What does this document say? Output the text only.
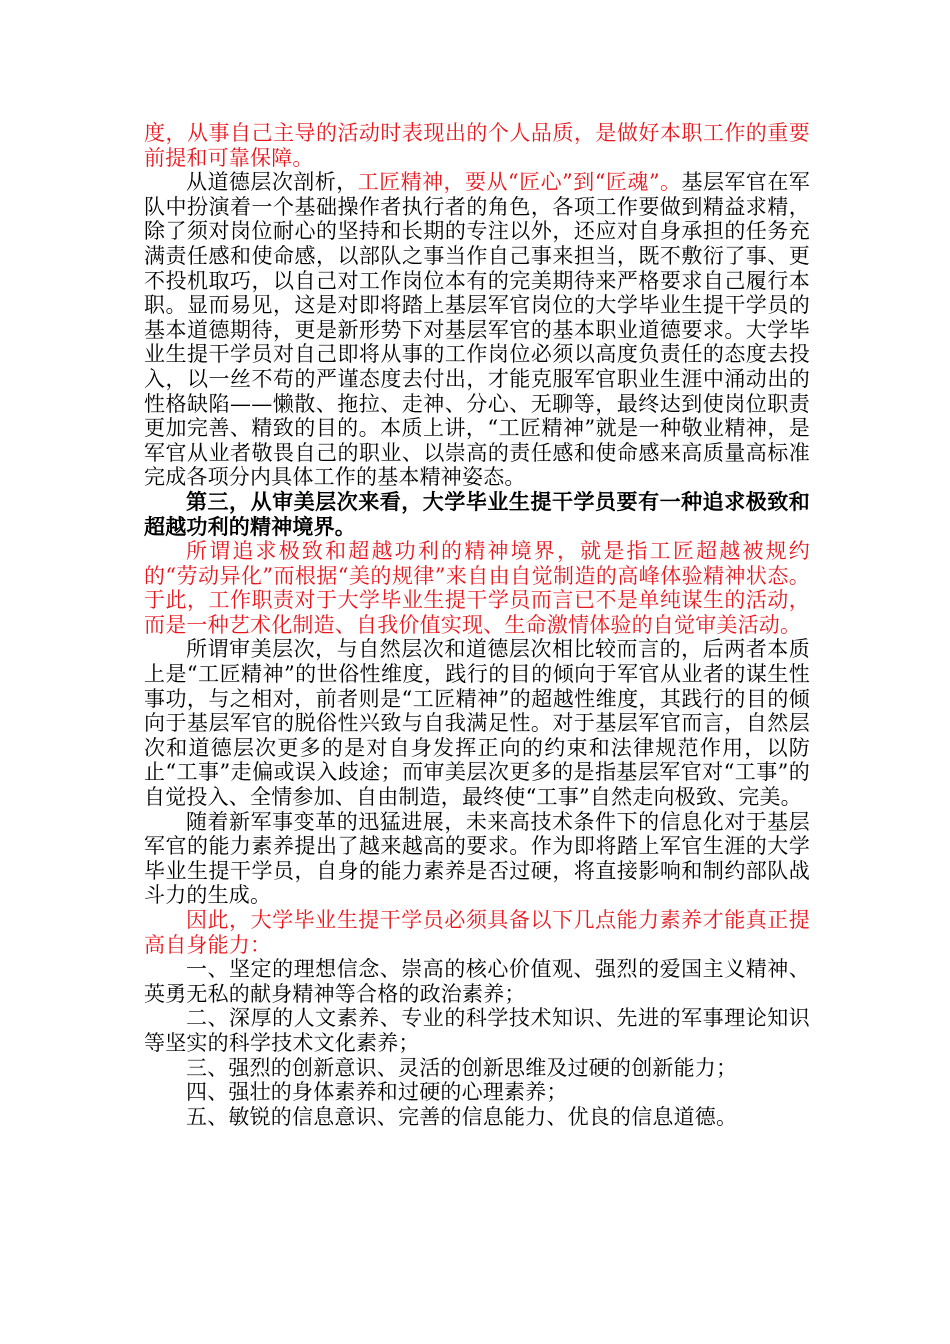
度，从事自己主导的活动时表现出的个人品质，是做好本职工作的重要前提和可靠保障。

从道德层次剖析，工匠精神，要从“匠心”到“匠魂”。基层军官在军队中扮演着一个基础操作者执行者的角色，各项工作要做到精益求精，除了须对岗位耐心的坚持和长期的专注以外，还应对自身承担的任务充满责任感和使命感，以部队之事当作自己事来担当，既不敷衍了事、更不投机取巧，以自己对工作岗位本有的完美期待来严格要求自己履行本职。显而易见，这是对即将踏上基层军官岗位的大学毕业生提干学员的基本道德期待，更是新形势下对基层军官的基本职业道德要求。大学毕业生提干学员对自己即将从事的工作岗位必须以高度负责任的态度去投入，以一丝不苟的严谨态度去付出，才能克服军官职业生涯中涌动出的性格缺陷——懒散、拖拉、走神、分心、无聊等，最终达到使岗位职责更加完善、精致的目的。本质上讲，“工匠精神”就是一种敬业精神，是军官从业者敬畏自己的职业、以崇高的责任感和使命感来高质量高标准完成各项分内具体工作的基本精神姿态。

第三，从审美层次来看，大学毕业生提干学员要有一种追求极致和超越功利的精神境界。

所谓追求极致和超越功利的精神境界，就是指工匠超越被规约的“劳动异化”而根据“美的规律”来自由自觉制造的高峰体验精神状态。于此，工作职责对于大学毕业生提干学员而言已不是单纯谋生的活动，而是一种艺术化制造、自我价值实现、生命激情体验的自觉审美活动。

所谓审美层次，与自然层次和道德层次相比较而言的，后两者本质上是“工匠精神”的世俗性维度，践行的目的倾向于军官从业者的谋生性事功，与之相对，前者则是“工匠精神”的超越性维度，其践行的目的倾向于基层军官的脱俗性兴致与自我满足性。对于基层军官而言，自然层次和道德层次更多的是对自身发挥正向的约束和法律规范作用，以防止“工事”走偏或误入歧途；而审美层次更多的是指基层军官对“工事”的自觉投入、全情参加、自由制造，最终使“工事”自然走向极致、完美。

随着新军事变革的迅猛进展，未来高技术条件下的信息化对于基层军官的能力素养提出了越来越高的要求。作为即将踏上军官生涯的大学毕业生提干学员，自身的能力素养是否过硬，将直接影响和制约部队战斗力的生成。

因此，大学毕业生提干学员必须具备以下几点能力素养才能真正提高自身能力：

一、坚定的理想信念、崇高的核心价值观、强烈的爱国主义精神、英勇无私的献身精神等合格的政治素养；

二、深厚的人文素养、专业的科学技术知识、先进的军事理论知识等坚实的科学技术文化素养；

三、强烈的创新意识、灵活的创新思维及过硬的创新能力；

四、强壮的身体素养和过硬的心理素养；

五、敏锐的信息意识、完善的信息能力、优良的信息道德。
